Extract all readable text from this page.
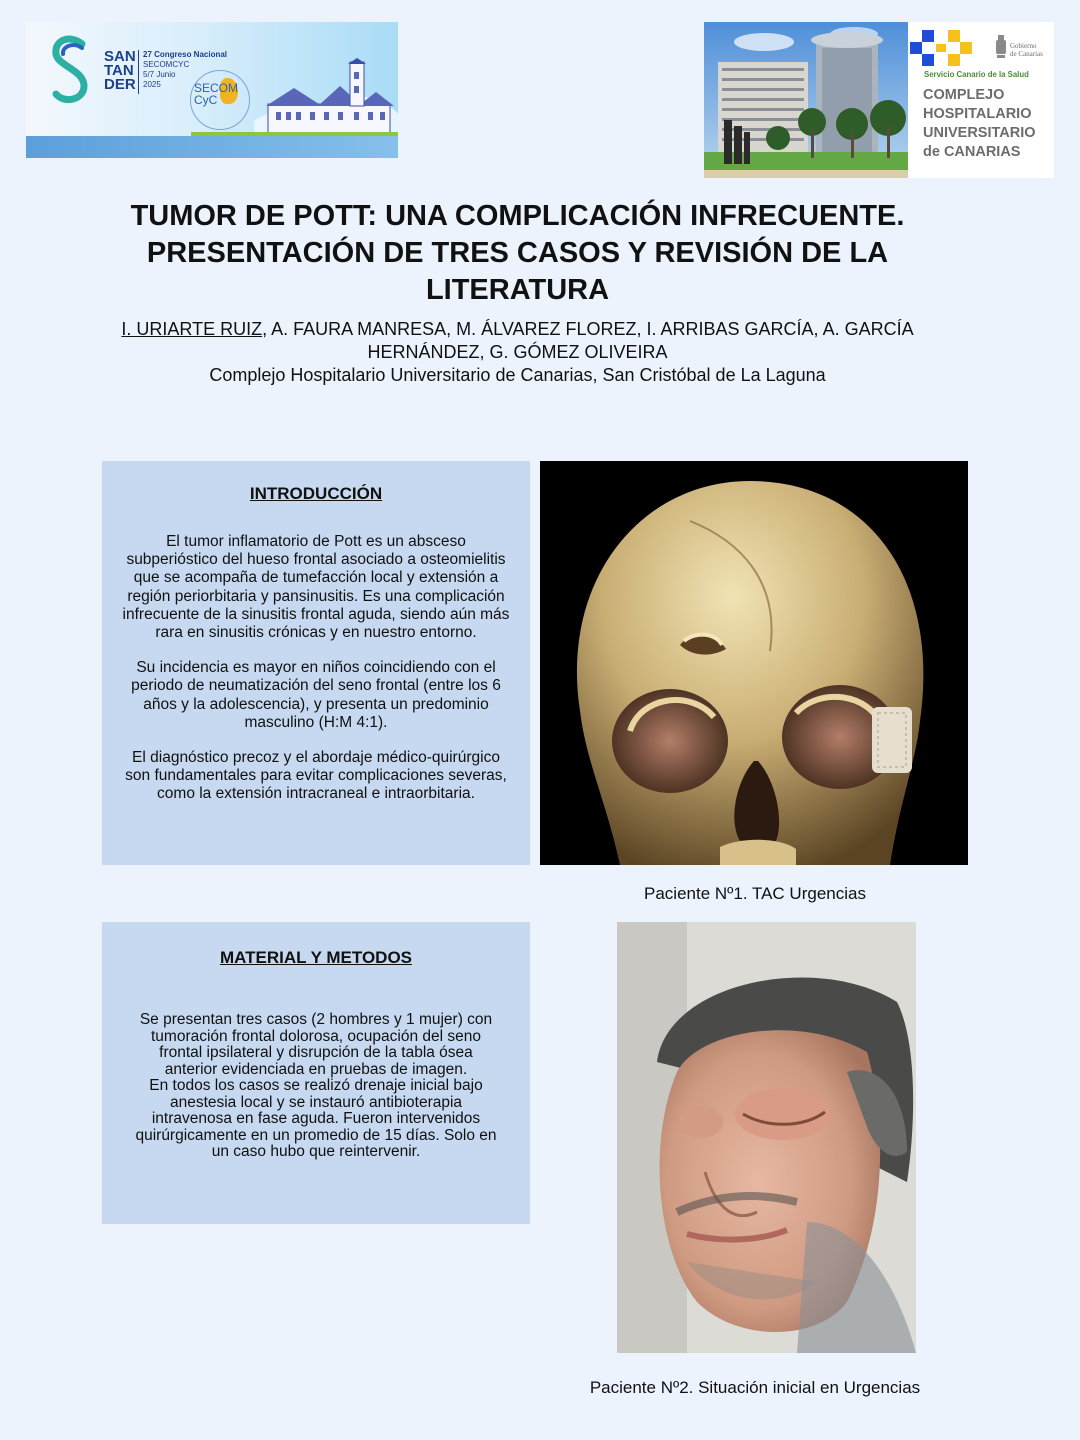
SAN
TAN
DER
27 Congreso Nacional
SECOMCYC
5/7 Junio
2025	SECOM
CyC
Gobierno
de Canarias
Servicio Canario de la Salud
COMPLEJO
HOSPITALARIO
UNIVERSITARIO
de CANARIAS
TUMOR DE POTT: UNA COMPLICACIÓN INFRECUENTE.
PRESENTACIÓN DE TRES CASOS Y REVISIÓN DE LA
LITERATURA
I. URIARTE RUIZ, A. FAURA MANRESA, M. ÁLVAREZ FLOREZ, I. ARRIBAS GARCÍA, A. GARCÍA
HERNÁNDEZ, G. GÓMEZ OLIVEIRA
Complejo Hospitalario Universitario de Canarias, San Cristóbal de La Laguna
INTRODUCCIÓN
El tumor inflamatorio de Pott es un absceso
subperióstico del hueso frontal asociado a osteomielitis
que se acompaña de tumefacción local y extensión a
región periorbitaria y pansinusitis. Es una complicación
infrecuente de la sinusitis frontal aguda, siendo aún más
rara en sinusitis crónicas y en nuestro entorno.
Su incidencia es mayor en niños coincidiendo con el
periodo de neumatización del seno frontal (entre los 6
años y la adolescencia), y presenta un predominio
masculino (H:M 4:1).
El diagnóstico precoz y el abordaje médico-quirúrgico
son fundamentales para evitar complicaciones severas,
como la extensión intracraneal e intraorbitaria.
Paciente Nº1. TAC Urgencias
MATERIAL Y METODOS
Se presentan tres casos (2 hombres y 1 mujer) con
tumoración frontal dolorosa, ocupación del seno
frontal ipsilateral y disrupción de la tabla ósea
anterior evidenciada en pruebas de imagen.
En todos los casos se realizó drenaje inicial bajo
anestesia local y se instauró antibioterapia
intravenosa en fase aguda. Fueron intervenidos
quirúrgicamente en un promedio de 15 días. Solo en
un caso hubo que reintervenir.
Paciente Nº2. Situación inicial en Urgencias
